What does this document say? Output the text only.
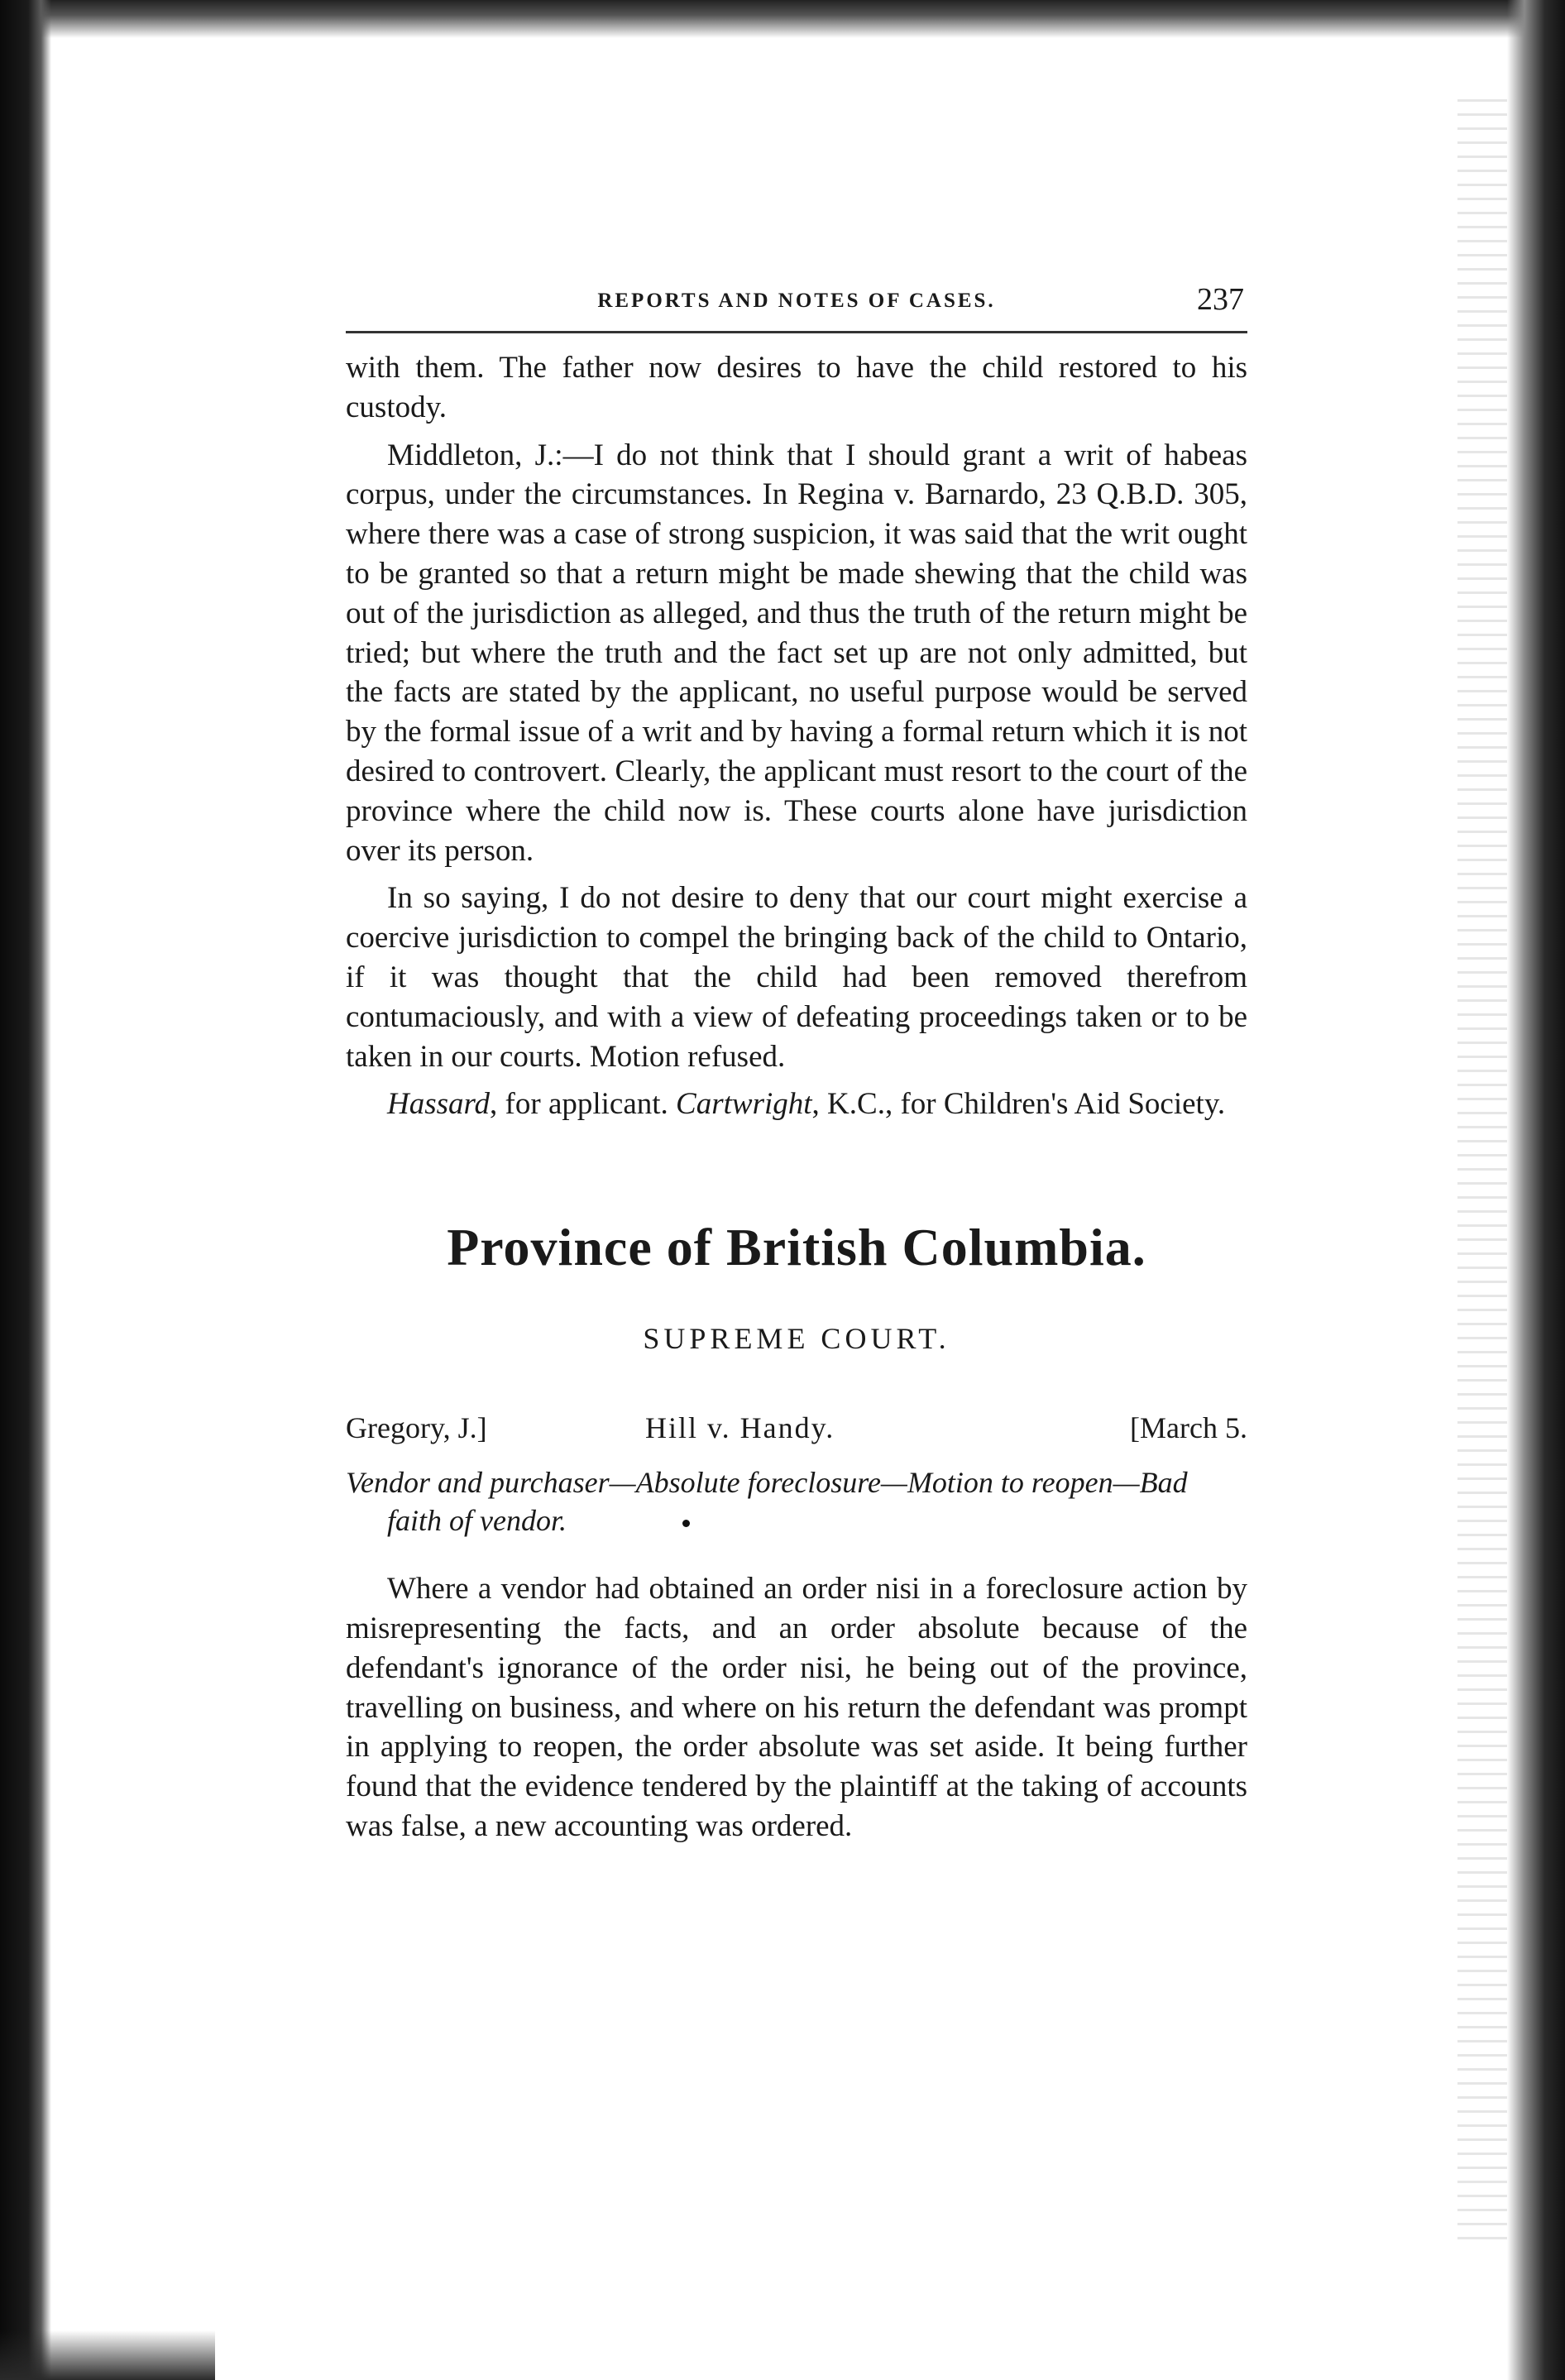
REPORTS AND NOTES OF CASES.	237

with them. The father now desires to have the child restored to his custody.

Middleton, J.:—I do not think that I should grant a writ of habeas corpus, under the circumstances. In Regina v. Barnardo, 23 Q.B.D. 305, where there was a case of strong suspicion, it was said that the writ ought to be granted so that a return might be made shewing that the child was out of the jurisdiction as alleged, and thus the truth of the return might be tried; but where the truth and the fact set up are not only admitted, but the facts are stated by the applicant, no useful purpose would be served by the formal issue of a writ and by having a formal return which it is not desired to controvert. Clearly, the applicant must resort to the court of the province where the child now is. These courts alone have jurisdiction over its person.

In so saying, I do not desire to deny that our court might exercise a coercive jurisdiction to compel the bringing back of the child to Ontario, if it was thought that the child had been removed therefrom contumaciously, and with a view of defeating proceedings taken or to be taken in our courts. Motion refused.

Hassard, for applicant. Cartwright, K.C., for Children's Aid Society.

Province of British Columbia.
SUPREME COURT.
Gregory, J.]	Hill v. Handy.	[March 5.
Vendor and purchaser—Absolute foreclosure—Motion to reopen—Bad faith of vendor.

Where a vendor had obtained an order nisi in a foreclosure action by misrepresenting the facts, and an order absolute because of the defendant's ignorance of the order nisi, he being out of the province, travelling on business, and where on his return the defendant was prompt in applying to reopen, the order absolute was set aside. It being further found that the evidence tendered by the plaintiff at the taking of accounts was false, a new accounting was ordered.
